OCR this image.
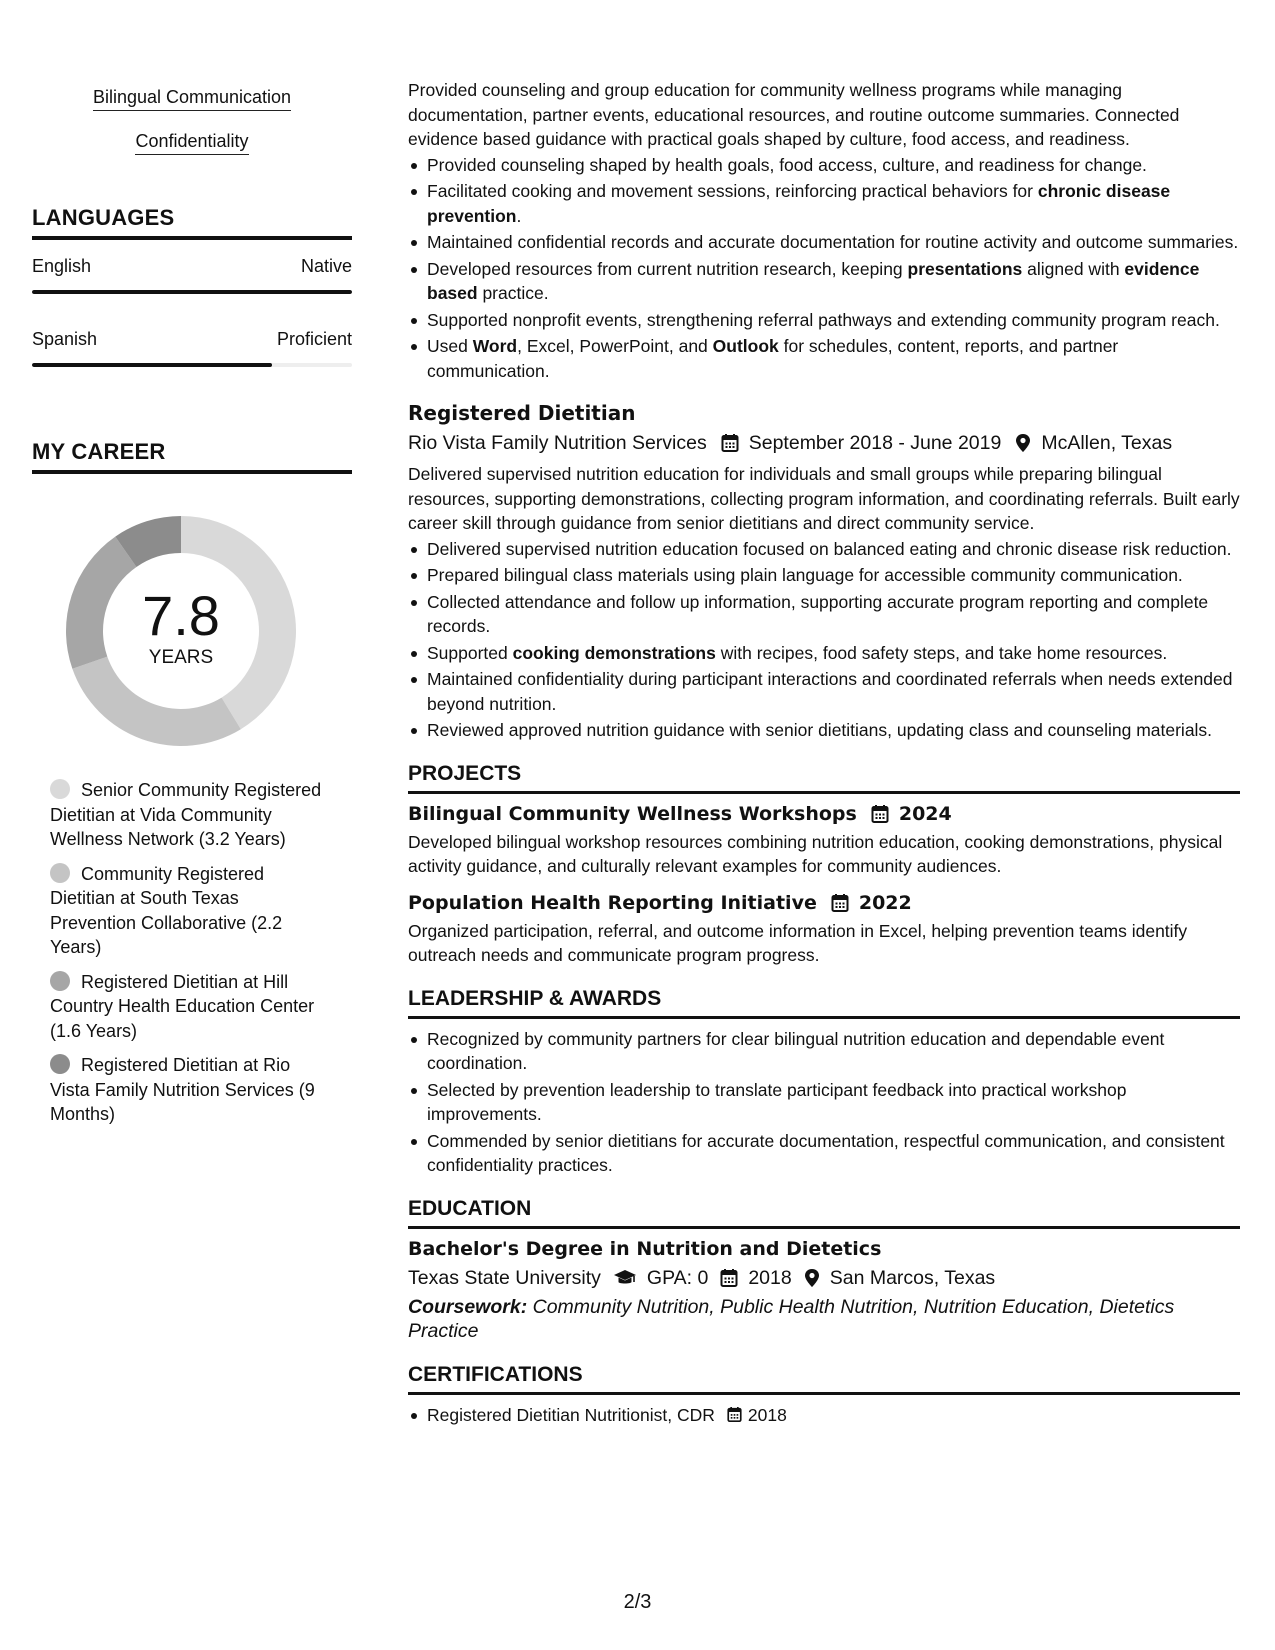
Bilingual Communication
Confidentiality
LANGUAGES
English	Native
Spanish	Proficient
MY CAREER
7.8
YEARS
Senior Community Registered Dietitian at Vida Community Wellness Network (3.2 Years)
Community Registered Dietitian at South Texas Prevention Collaborative (2.2 Years)
Registered Dietitian at Hill Country Health Education Center (1.6 Years)
Registered Dietitian at Rio Vista Family Nutrition Services (9 Months)
Provided counseling and group education for community wellness programs while managing documentation, partner events, educational resources, and routine outcome summaries. Connected evidence based guidance with practical goals shaped by culture, food access, and readiness.
Provided counseling shaped by health goals, food access, culture, and readiness for change.
Facilitated cooking and movement sessions, reinforcing practical behaviors for chronic disease prevention.
Maintained confidential records and accurate documentation for routine activity and outcome summaries.
Developed resources from current nutrition research, keeping presentations aligned with evidence based practice.
Supported nonprofit events, strengthening referral pathways and extending community program reach.
Used Word, Excel, PowerPoint, and Outlook for schedules, content, reports, and partner communication.
Registered Dietitian
Rio Vista Family Nutrition Services September 2018 - June 2019 McAllen, Texas
Delivered supervised nutrition education for individuals and small groups while preparing bilingual resources, supporting demonstrations, collecting program information, and coordinating referrals. Built early career skill through guidance from senior dietitians and direct community service.
Delivered supervised nutrition education focused on balanced eating and chronic disease risk reduction.
Prepared bilingual class materials using plain language for accessible community communication.
Collected attendance and follow up information, supporting accurate program reporting and complete records.
Supported cooking demonstrations with recipes, food safety steps, and take home resources.
Maintained confidentiality during participant interactions and coordinated referrals when needs extended beyond nutrition.
Reviewed approved nutrition guidance with senior dietitians, updating class and counseling materials.
PROJECTS
Bilingual Community Wellness Workshops 2024
Developed bilingual workshop resources combining nutrition education, cooking demonstrations, physical activity guidance, and culturally relevant examples for community audiences.
Population Health Reporting Initiative 2022
Organized participation, referral, and outcome information in Excel, helping prevention teams identify outreach needs and communicate program progress.
LEADERSHIP & AWARDS
Recognized by community partners for clear bilingual nutrition education and dependable event coordination.
Selected by prevention leadership to translate participant feedback into practical workshop improvements.
Commended by senior dietitians for accurate documentation, respectful communication, and consistent confidentiality practices.
EDUCATION
Bachelor's Degree in Nutrition and Dietetics
Texas State University GPA: 0 2018 San Marcos, Texas
Coursework: Community Nutrition, Public Health Nutrition, Nutrition Education, Dietetics Practice
CERTIFICATIONS
Registered Dietitian Nutritionist, CDR 2018
2/3
